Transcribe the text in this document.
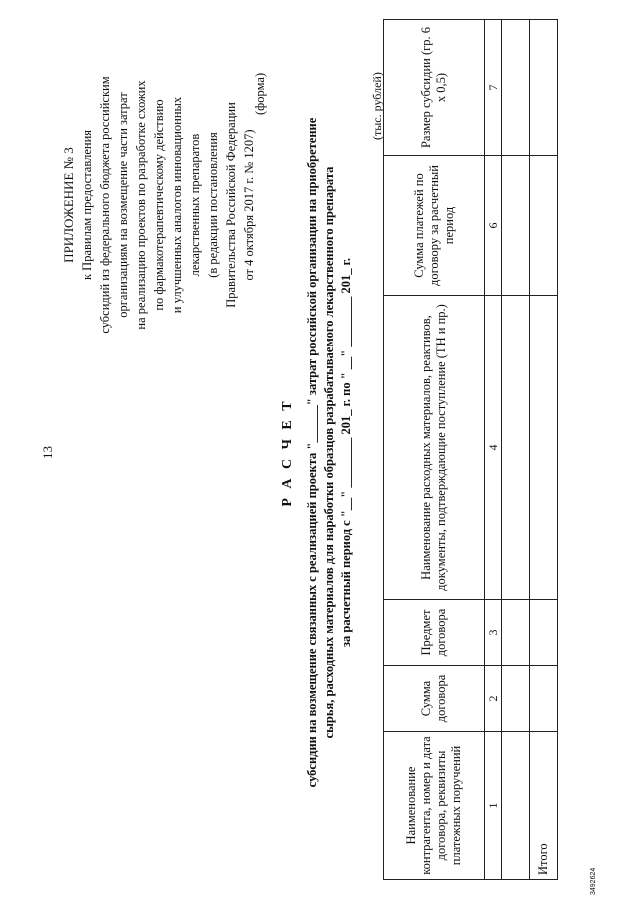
13
ПРИЛОЖЕНИЕ № 3 к Правилам предоставления субсидий из федерального бюджета российским организациям на возмещение части затрат на реализацию проектов по разработке схожих по фармакотерапевтическому действию и улучшенных аналогов инновационных лекарственных препаратов (в редакции постановления Правительства Российской Федерации от 4 октября 2017 г. № 1207)
(форма)
Р А С Ч Е Т субсидии на возмещение связанных с реализацией проекта "______" затрат российской организации на приобретение сырья, расходных материалов для наработки образцов разрабатываемого лекарственного препарата за расчетный период с "__" ________ 201_ г. по " __" ________ 201_ г.
(тыс. рублей)
Наименование контрагента, номер и дата договора, реквизиты платежных поручений	Сумма договора	Предмет договора	Наименование расходных материалов, реактивов, документы, подтверждающие поступление (ТН и пр.)	Сумма платежей по договору за расчетный период	Размер субсидии (гр. 6 х 0,5)
1	2	3	4	6	7

Итого					
3492624
